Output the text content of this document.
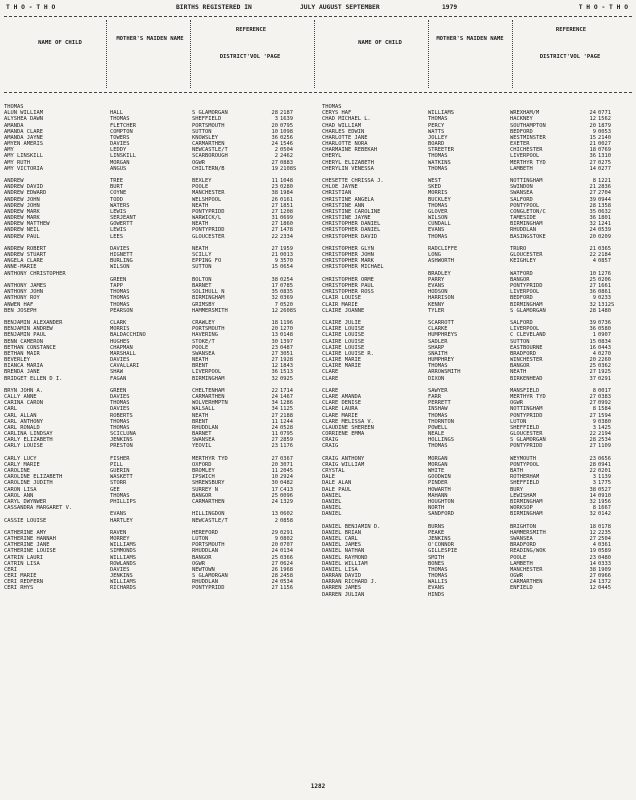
T H O - T H O	BIRTHS REGISTERED IN	JULY AUGUST SEPTEMBER	1979	T H O - T H O
NAME OF CHILD
MOTHER'S MAIDEN NAME
REFERENCE
DISTRICT'VOL 'PAGE
NAME OF CHILD
MOTHER'S MAIDEN NAME
REFERENCE
DISTRICT'VOL 'PAGE
THOMAS
ALUN WILLIAM	HALL	S GLAMORGAN	28 2187
ALYSHEA DAWN	THOMAS	SHEFFIELD	3 1639
AMANDA	FLETCHER	PORTSMOUTH	20 0795
AMANDA CLARE	COMPTON	SUTTON	10 1098
AMANDA JAYNE	TOWERS	KNOWSLEY	36 0256
AMYEN AMERIS	DAVIES	CARMARTHEN	24 1546
AMY	LEDDY	NEWCASTLE/T	2 0504
AMY LINSKILL	LINSKILL	SCARBOROUGH	2 2462
AMY RUTH	MORGAN	OGWR	27 0883
AMY VICTORIA	ANGUS	CHILTERN/B	19 2108S
ANDREW	TREE	BEXLEY	11 1048
ANDREW DAVID	BURT	POOLE	23 0280
ANDREW EDWARD	COYNE	MANCHESTER	38 1984
ANDREW JOHN	TODD	WELSHPOOL	26 0161
ANDREW JOHN	WATERS	NEATH	27 1851
ANDREW MARK	LEWIS	PONTYPRIDD	27 1208
ANDREW MARK	SERJEANT	WARWICK/L	31 0699
ANDREW MATTHEW	GOWERTT	NEATH	27 1860
ANDREW NEIL	LEWIS	PONTYPRIDD	27 1478
ANDREW PAUL	LEES	GLOUCESTER	22 2334
ANDREW ROBERT	DAVIES	NEATH	27 1959
ANDREW STUART	HIGNETT	SCILLY	21 0013
ANGELA CLARE	BURLING	EPPING FO	9 3570
ANNE-MARIE	WILSON	SUTTON	15 0654
ANTHONY CHRISTOPHER
GREEN	BOLTON	38 0254
ANTHONY JAMES	TAPP	BARNET	17 0785
ANTHONY JOHN	THOMAS	SOLIHULL N	35 0835
ANTHONY ROY	THOMAS	BIRMINGHAM	32 0369
ANWEN HAF	THOMAS	GRIMSBY	7 0520
BEN JOSEPH	PEARSON	HAMMERSMITH	12 2608S
BENJAMIN ALEXANDER	CLARK	CRAWLEY	18 1196
BENJAMIN ANDREW	MORRIS	PORTSMOUTH	20 1270
BENJAMIN PAUL	BALDACCHINO	HAVERING	13 0148
BENN CAMERON	HUGHES	STOKE/T	30 1397
BETHAN CONSTANCE	CHAPMAN	POOLE	23 0487
BETHAN MAIR	MARSHALL	SWANSEA	27 3051
BEVERLEY	DAVIES	NEATH	27 1928
BIANCA MARIA	CAVALLARI	BRENT	12 1843
BRENDA JANE	SHAW	LIVERPOOL	36 1513
BRIDGET ELLEN D I.	FAGAN	BIRMINGHAM	32 0925
BRYN JOHN A.	GREEN	CHELTENHAM	22 1714
CALLY ANNE	DAVIES	CARMARTHEN	24 1467
CARINA CARON	THOMAS	WOLVERHMPTN	34 1286
CARL	DAVIES	WALSALL	34 1125
CARL ALLAN	ROBERTS	NEATH	27 2188
CARL ANTHONY	THOMAS	BRENT	11 1244
CARL RONALD	THOMAS	RHUDDLAN	24 0528
CARLINA LINDSAY	SCICLUNA	BARNET	11 0795
CARLY ELIZABETH	JENKINS	SWANSEA	27 2859
CARLY LOUISE	PRESTON	YEOVIL	23 1176
CARLY LUCY	FISHER	MERTHYR TYD	27 0367
CARLY MARIE	PILL	OXFORD	20 3071
CAROLINE	GUERIN	BROMLEY	11 2045
CAROLINE ELIZABETH	WASKETT	IPSWICH	10 2924
CAROLINE JUDITH	STORR	SHREWSBURY	30 0482
CARON LISA	GEE	SURREY N	17 C413
CAROL ANN	THOMAS	BANGOR	25 0096
CARYL DWYNWER	PHILLIPS	CARMARTHEN	24 1329
CASSANDRA MARGARET V.
EVANS	HILLINGDON	13 0602
CASSIE LOUISE	HARTLEY	NEWCASTLE/T	2 0858
CATHERINE AMY	RAVEN	HEREFORD	29 0291
CATHERINE HANNAH	MORREY	LUTON	9 0802
CATHERINE JANE	WILLIAMS	PORTSMOUTH	20 0707
CATHERINE LOUISE	SIMMONDS	RHUDDLAN	24 0134
CATRIN LAURI	WILLIAMS	BANGOR	25 0366
CATRIN LISA	ROWLANDS	OGWR	27 0624
CERI	DAVIES	NEWTOWN	26 1968
CERI MARIE	JENKINS	S GLAMORGAN	28 2458
CERI REDFERN	WILLIAMS	RHUDDLAN	24 0534
CERI RHYS	RICHARDS	PONTYPRIDD	27 1156
THOMAS
CERYS HAF	WILLIAMS	WREXHAM/M	24 0771
CHAD MICHAEL L.	THOMAS	HACKNEY	12 1562
CHAD WILLIAM	PERCY	SOUTHAMPTON	20 1879
CHARLES EDWIN	WATTS	BEDFORD	9 0053
CHARLOTTE JANE	JOLLEY	WESTMINSTER	15 2140
CHARLOTTE NORA	BOARD	EXETER	21 0027
CHARMAINE REBEKAH	STREETER	CHICHESTER	18 0769
CHERYL	THOMAS	LIVERPOOL	36 1310
CHERYL ELIZABETH	WATKINS	MERTHYR TYD	27 0275
CHERYLIN VENESSA	THOMAS	LAMBETH	14 0277
CHESETTE CHRISSA J.	WEST	NOTTINGHAM	8 1221
CHLOE JAYNE	SKED	SWINDON	21 2836
CHRISTIAN	MORRIS	SWANSEA	27 2704
CHRISTINE ANGELA	BUCKLEY	SALFORD	39 0944
CHRISTINE ANN	THOMAS	PONTYPOOL	28 1358
CHRISTINE CAROLINE	GLOVER	CONGLETON/C	35 0632
CHRISTINE JAYNE	WILSON	TAMESIDE	36 1801
CHRISTOPHER DANIEL	CUNDALL	BIRMINGHAM	32 1241
CHRISTOPHER DANIEL	EVANS	RHUDDLAN	24 0539
CHRISTOPHER DAVID	THOMAS	BASINGSTOKE	20 0209
CHRISTOPHER GLYN	RADCLIFFE	TRURO	21 0365
CHRISTOPHER JOHN	LONG	GLOUCESTER	22 2184
CHRISTOPHER MARK	ASHWORTH	KEIGHLEY	4 0857
CHRISTOPHER MICHAEL
BRADLEY	WATFORD	10 1276
CHRISTOPHER ORME	PARRY	BANGOR	25 0206
CHRISTOPHER PAUL	EVANS	PONTYPRIDD	27 1661
CHRISTOPHER ROSS	HODSON	LIVERPOOL	36 0861
CLAIR LOUISE	HARRISON	BEDFORD	9 0233
CLAIR MARIE	KENNY	BIRMINGHAM	32 1312S
CLAIRE JOANNE	TYLER	S GLAMORGAN	28 1480
CLAIRE JULIE	SCARROTT	SALFORD	39 0736
CLAIRE LOUISE	CLARKE	LIVERPOOL	36 0580
CLAIRE LOUISE	HUMPHREYS	C CLEVELAND	1 0907
CLAIRE LOUISE	SADLER	SUTTON	15 0834
CLAIRE LOUISE	SHARP	EASTBOURNE	16 0443
CLAIRE LOUISE R.	SNAITH	BRADFORD	4 0270
CLAIRE MARIE	HUMPHREY	WINCHESTER	20 2260
CLAIRE MARIE	THOMAS	BANGOR	25 0362
CLARE	ARROWSMITH	NEATH	27 1925
CLARE	DIXON	BIRKENHEAD	37 0291
CLARE	SAWYER	MANSFIELD	8 0017
CLARE AMANDA	FARR	MERTHYR TYD	27 0383
CLARE DENISE	PERRETT	OGWR	27 0992
CLARE LAURA	INSHAW	NOTTINGHAM	8 1584
CLARE MARIE	THOMAS	PONTYPRIDD	27 1594
CLARE MELISSA V.	THORNTON	LUTON	9 0380
CLAUDINE SHEREEN	POWELL	SHEFFIELD	3 1425
CORRIENE EMMA	NEALE	GLOUCESTER	22 2194
CRAIG	HOLLINGS	S GLAMORGAN	28 2534
CRAIG	THOMAS	PONTYPRIDD	27 1109
CRAIG ANTHONY	MORGAN	WEYMOUTH	23 0656
CRAIG WILLIAM	MORGAN	PONTYPOOL	28 0941
CRYSTAL	WHITE	BATH	22 0201
DALE	GOODWIN	ROTHERHAM	3 1139
DALE ALAN	PINDER	SHEFFIELD	3 1775
DALE PAUL	HOWARTH	BURY	38 0527
DANIEL	MAHANN	LEWISHAM	14 0910
DANIEL	HOUGHTON	BIRMINGHAM	32 1956
DANIEL	NORTH	WORKSOP	8 1667
DANIEL	SANDFORD	BIRMINGHAM	32 0142
DANIEL BENJAMIN D.	BURNS	BRIGHTON	18 0178
DANIEL BRIAN	PEAKE	HAMMERSMITH	12 2235
DANIEL CARL	JENKINS	SWANSEA	27 2504
DANIEL JAMES	O'CONNOR	BRADFORD	4 0361
DANIEL NATHAN	GILLESPIE	READING/WOK	19 0589
DANIEL RAYMOND	SMITH	POOLE	23 0480
DANIEL WILLIAM	BONES	LAMBETH	14 0333
DANIEL LISA	THOMAS	MANCHESTER	38 1909
DARRAN DAVID	THOMAS	OGWR	27 0966
DARRAN RICHARD J.	WALLIS	CARMARTHEN	24 1372
DARREN JAMES	EVANS	ENFIELD	12 0445
DARREN JULIAN	HINDS
1282
